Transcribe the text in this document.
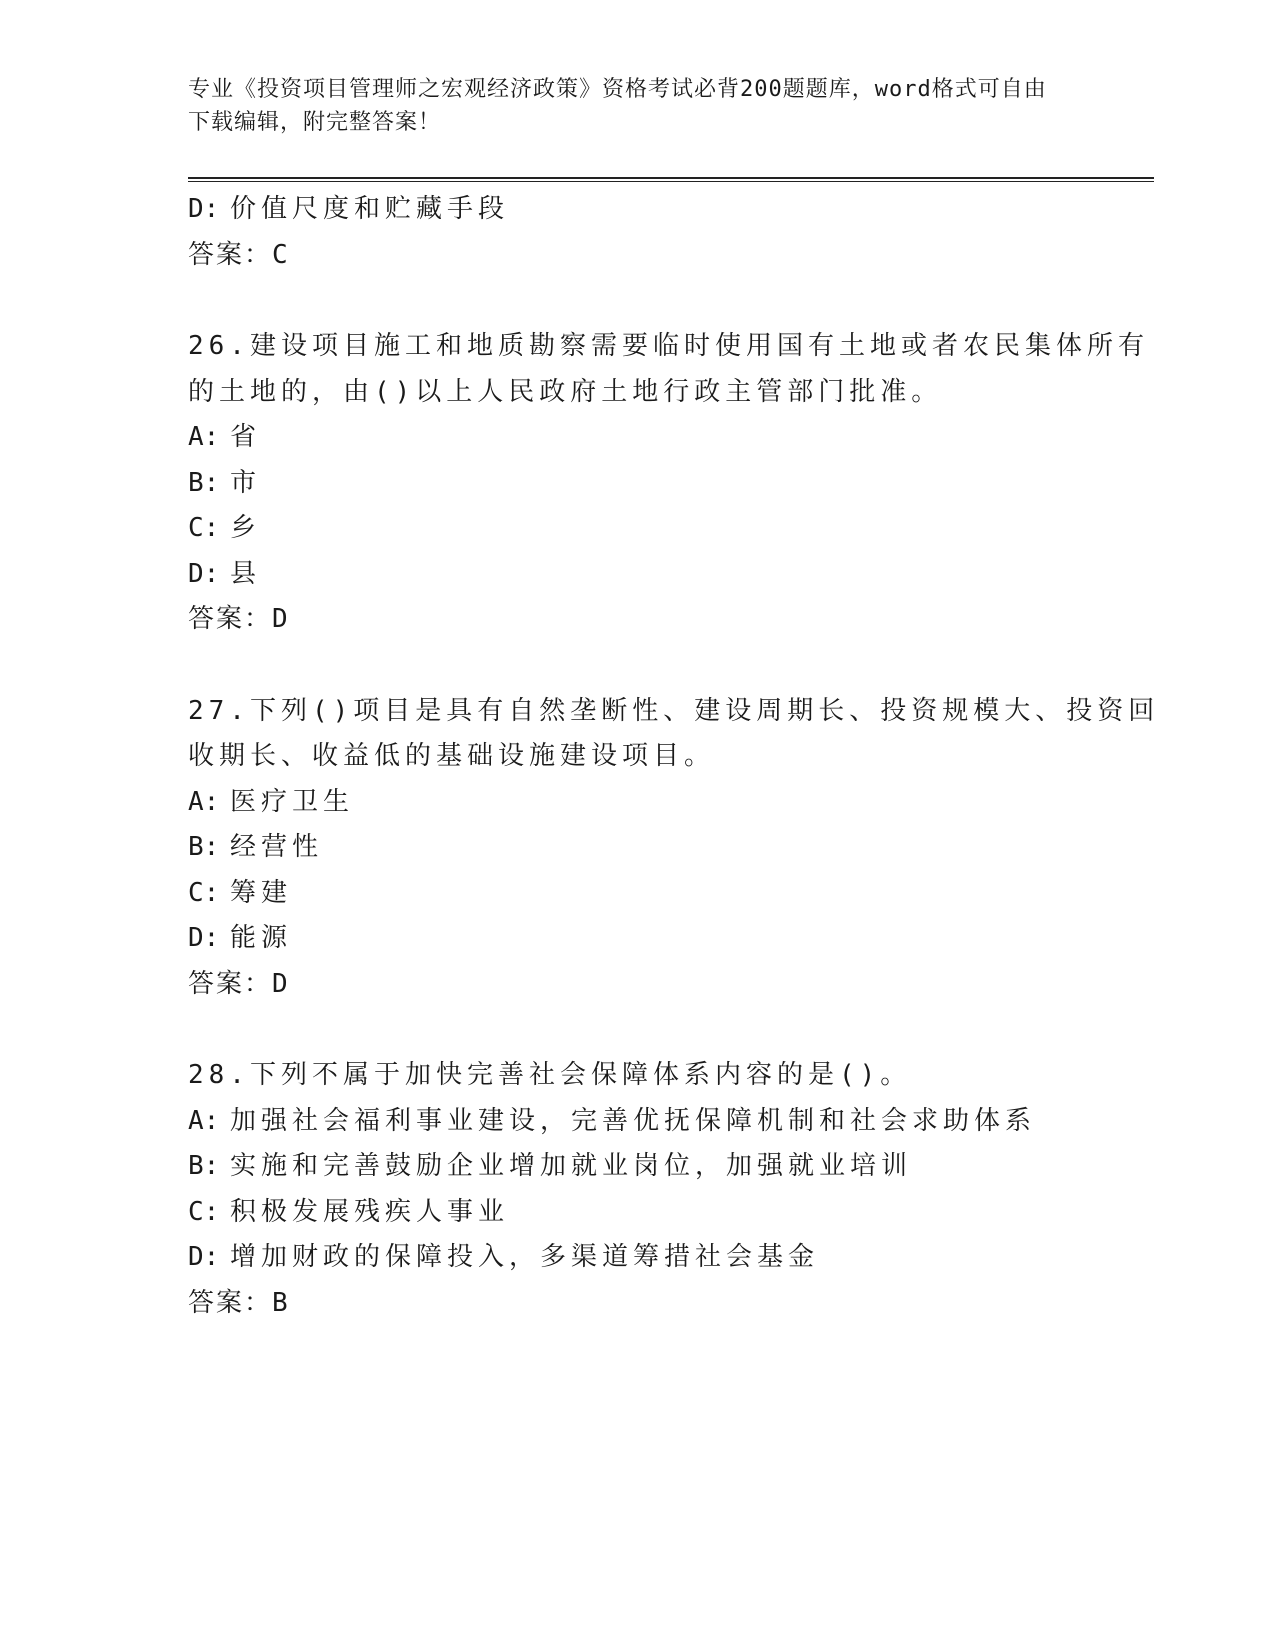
专业《投资项目管理师之宏观经济政策》资格考试必背200题题库，word格式可自由下载编辑，附完整答案！
D: 价值尺度和贮藏手段
答案：C
26.建设项目施工和地质勘察需要临时使用国有土地或者农民集体所有
的土地的，由()以上人民政府土地行政主管部门批准。
A: 省
B: 市
C: 乡
D: 县
答案：D
27.下列()项目是具有自然垄断性、建设周期长、投资规模大、投资回
收期长、收益低的基础设施建设项目。
A: 医疗卫生
B: 经营性
C: 筹建
D: 能源
答案：D
28.下列不属于加快完善社会保障体系内容的是()。
A: 加强社会福利事业建设，完善优抚保障机制和社会求助体系
B: 实施和完善鼓励企业增加就业岗位，加强就业培训
C: 积极发展残疾人事业
D: 增加财政的保障投入，多渠道筹措社会基金
答案：B
